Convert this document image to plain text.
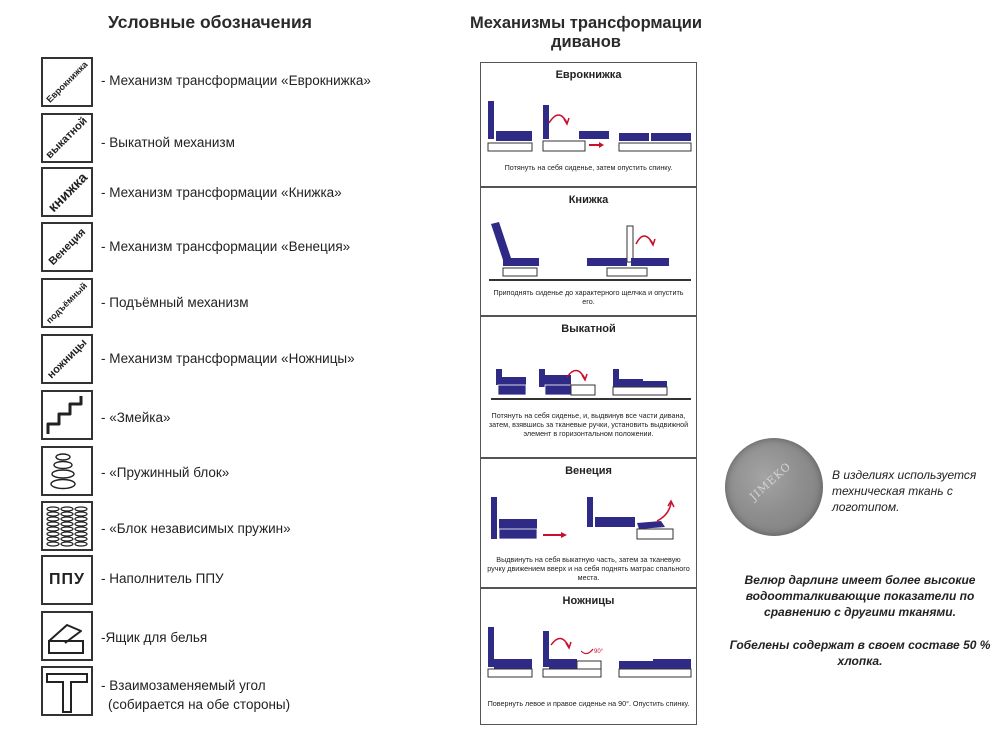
Условные обозначения
Еврокнижка - Механизм трансформации «Еврокнижка»
выкатной - Выкатной механизм
книжка - Механизм трансформации «Книжка»
Венеция - Механизм трансформации «Венеция»
подъёмный - Подъёмный механизм
ножницы - Механизм трансформации «Ножницы»
- «Змейка»
- «Пружинный блок»
- «Блок независимых пружин»
ППУ - Наполнитель ППУ
-Ящик для белья
- Взаимозаменяемый угол
(собирается на обе стороны)
Механизмы трансформации
диванов
Еврокнижка
Потянуть на себя сиденье, затем опустить спинку.
Книжка
Приподнять сиденье до характерного щелчка и опустить его.
Выкатной
Потянуть на себя сиденье, и, выдвинув все части дивана, затем, взявшись за тканевые ручки, установить выдвижной элемент в горизонтальном положении.
Венеция
Выдвинуть на себя выкатную часть, затем за тканевую ручку движением вверх и на себя поднять матрас спального места.
Ножницы
90°
Повернуть левое и правое сиденье на 90°. Опустить спинку.
JIMEKO	В изделиях используется техническая ткань с логотипом.
Велюр дарлинг имеет более высокие водоотталкивающие показатели по сравнению с другими тканями.
Гобелены содержат в своем составе 50 % хлопка.
